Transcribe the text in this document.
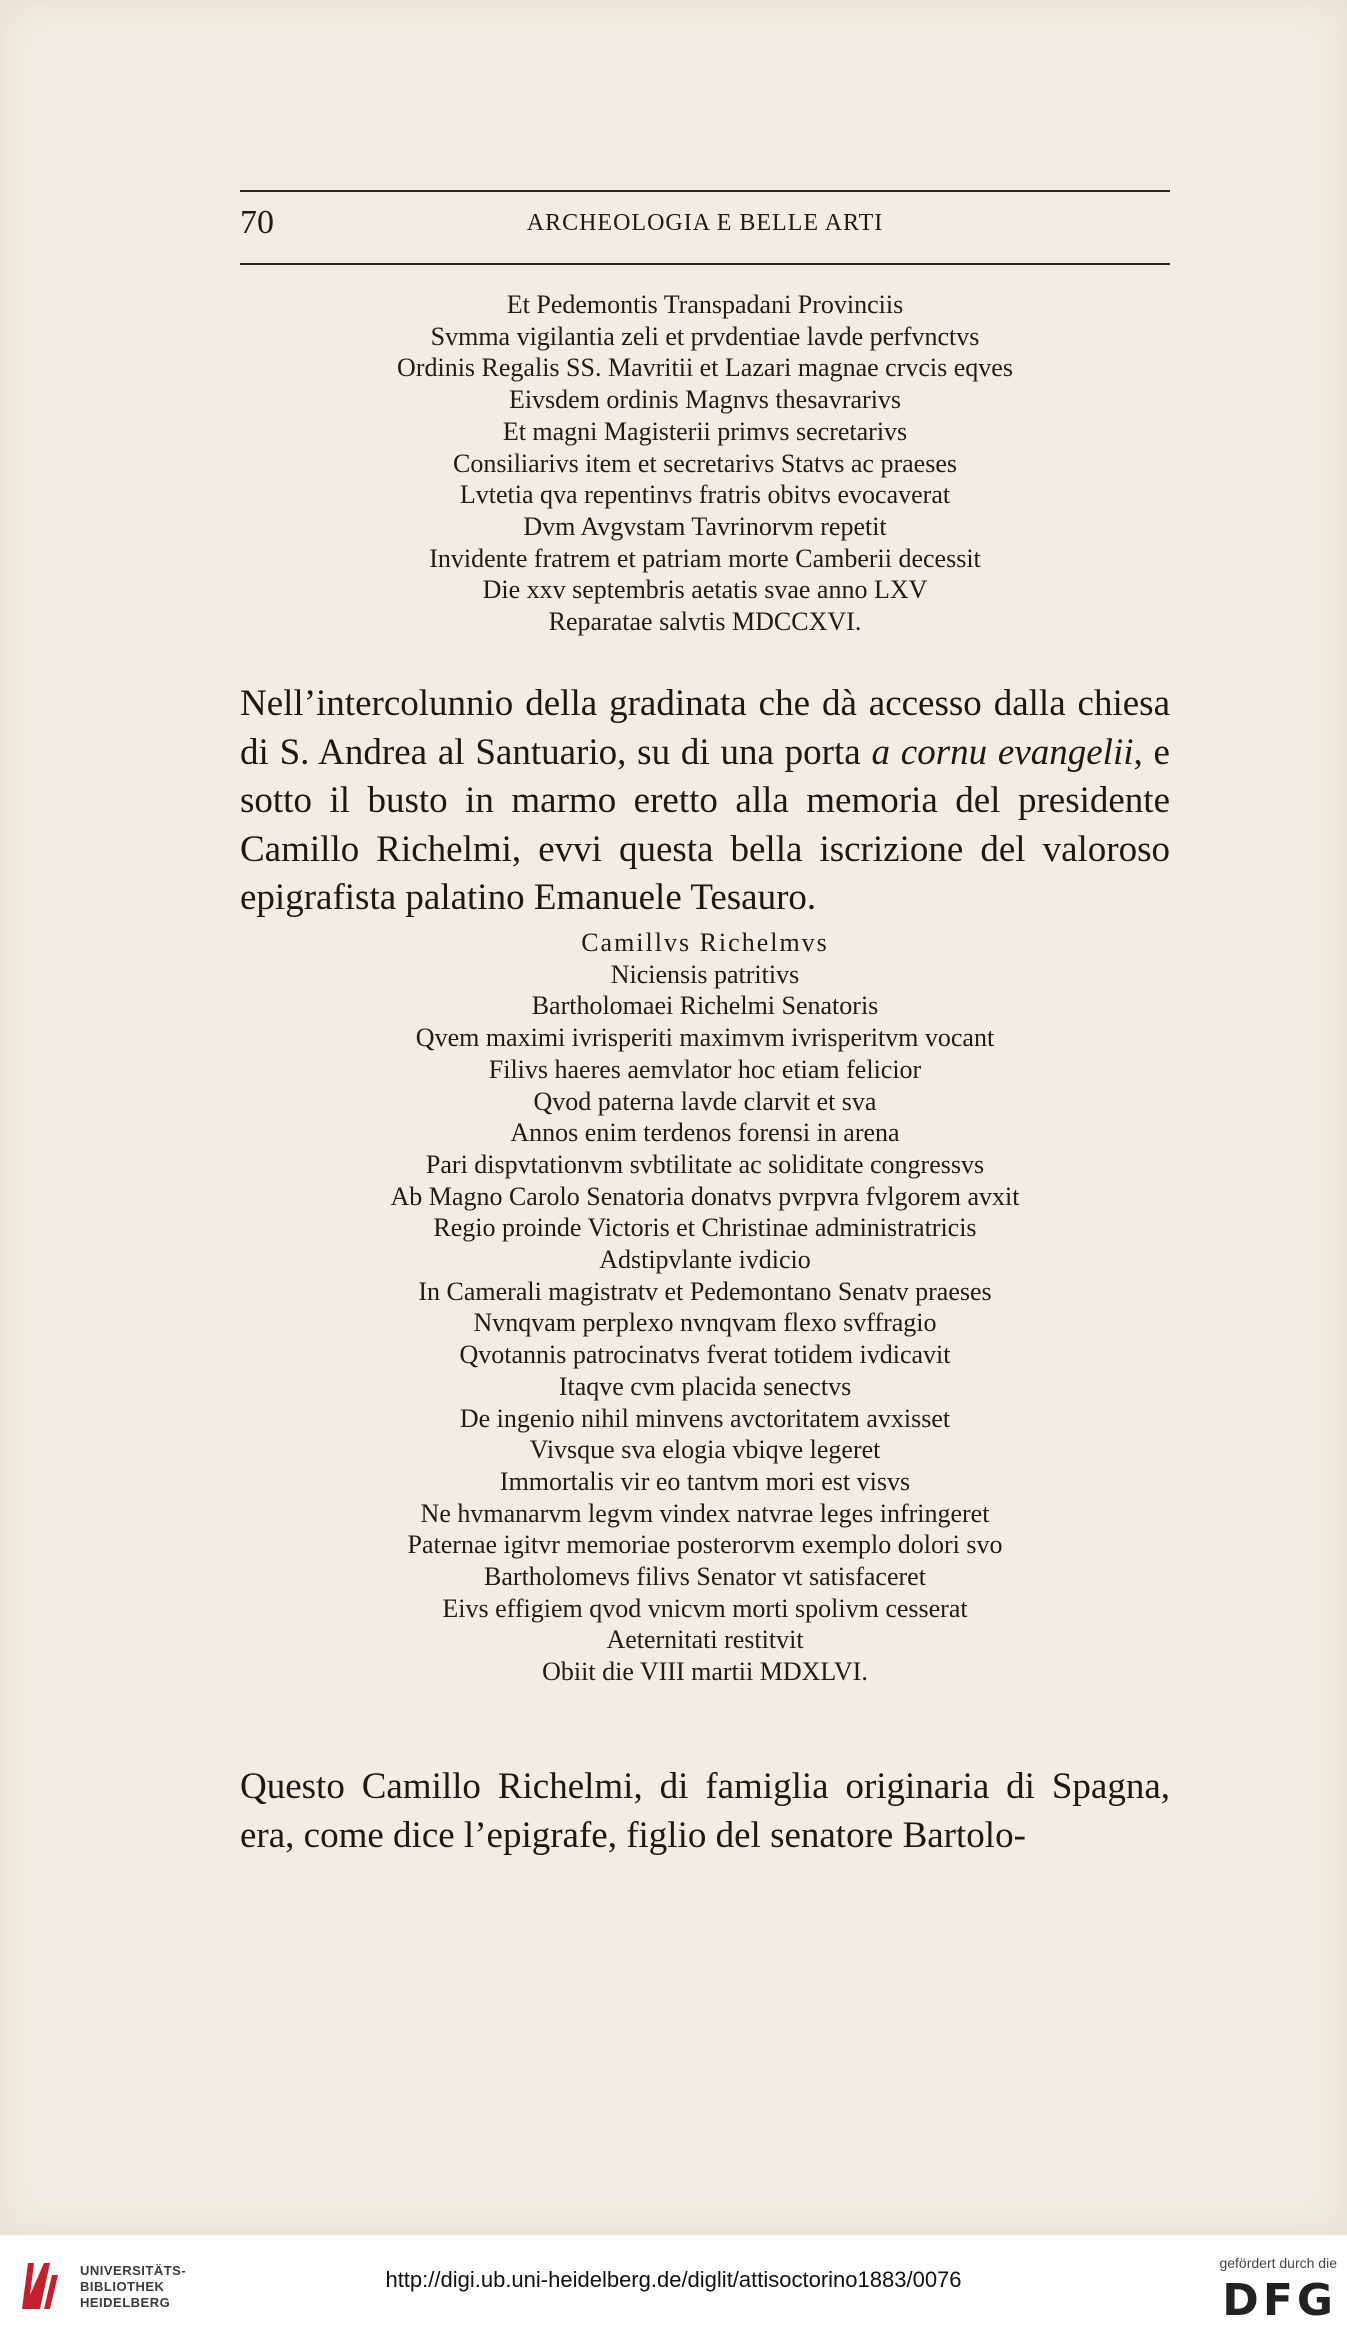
70	ARCHEOLOGIA E BELLE ARTI
Et Pedemontis Transpadani Provinciis
Svmma vigilantia zeli et prvdentiae lavde perfvnctvs
Ordinis Regalis SS. Mavritii et Lazari magnae crvcis eqves
Eivsdem ordinis Magnvs thesavrarivs
Et magni Magisterii primvs secretarivs
Consiliarivs item et secretarivs Statvs ac praeses
Lvtetia qva repentinvs fratris obitvs evocaverat
Dvm Avgvstam Tavrinorvm repetit
Invidente fratrem et patriam morte Camberii decessit
Die xxv septembris aetatis svae anno LXV
Reparatae salvtis MDCCXVI.
Nell’intercolunnio della gradinata che dà accesso dalla chiesa di S. Andrea al Santuario, su di una porta a cornu evangelii, e sotto il busto in marmo eretto alla memoria del presidente Camillo Richelmi, evvi questa bella iscrizione del valoroso epigrafista palatino Emanuele Tesauro.
Camillvs Richelmvs
Niciensis patritivs
Bartholomaei Richelmi Senatoris
Qvem maximi ivrisperiti maximvm ivrisperitvm vocant
Filivs haeres aemvlator hoc etiam felicior
Qvod paterna lavde clarvit et sva
Annos enim terdenos forensi in arena
Pari dispvtationvm svbtilitate ac soliditate congressvs
Ab Magno Carolo Senatoria donatvs pvrpvra fvlgorem avxit
Regio proinde Victoris et Christinae administratricis
Adstipvlante ivdicio
In Camerali magistratv et Pedemontano Senatv praeses
Nvnqvam perplexo nvnqvam flexo svffragio
Qvotannis patrocinatvs fverat totidem ivdicavit
Itaqve cvm placida senectvs
De ingenio nihil minvens avctoritatem avxisset
Vivsque sva elogia vbiqve legeret
Immortalis vir eo tantvm mori est visvs
Ne hvmanarvm legvm vindex natvrae leges infringeret
Paternae igitvr memoriae posterorvm exemplo dolori svo
Bartholomevs filivs Senator vt satisfaceret
Eivs effigiem qvod vnicvm morti spolivm cesserat
Aeternitati restitvit
Obiit die VIII martii MDXLVI.
Questo Camillo Richelmi, di famiglia originaria di Spagna, era, come dice l’epigrafe, figlio del senatore Bartolo-
UNIVERSITÄTS-
BIBLIOTHEK
HEIDELBERG
http://digi.ub.uni-heidelberg.de/diglit/attisoctorino1883/0076
gefördert durch die
DFG
